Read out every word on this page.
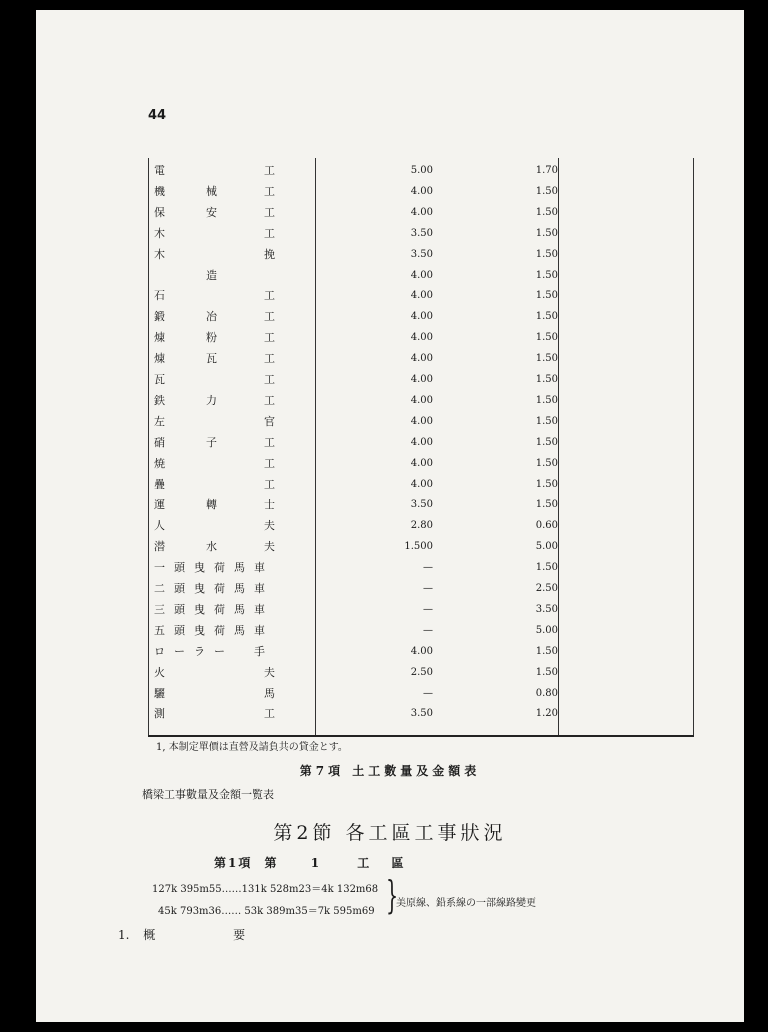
44
電	工	5.00	1.70
機	械	工	4.00	1.50
保	安	工	4.00	1.50
木	工	3.50	1.50
木	挽	3.50	1.50
造	4.00	1.50
石	工	4.00	1.50
鍛	冶	工	4.00	1.50
煉	粉	工	4.00	1.50
煉	瓦	工	4.00	1.50
瓦	工	4.00	1.50
鉄	力	工	4.00	1.50
左	官	4.00	1.50
硝	子	工	4.00	1.50
焼	工	4.00	1.50
疊	工	4.00	1.50
運	轉	士	3.50	1.50
人	夫	2.80	0.60
潜	水	夫	1.500	5.00
一 頭 曳 荷 馬 車	—	1.50
二 頭 曳 荷 馬 車	—	2.50
三 頭 曳 荷 馬 車	—	3.50
五 頭 曳 荷 馬 車	—	5.00
ロ ー ラ ー	手	4.00	1.50
火	夫	2.50	1.50
驪	馬	—	0.80
測	工	3.50	1.20
1, 本制定單價は直營及請負共の貸金とす。
第7項 土工數量及金額表
橋梁工事數量及金額一覧表
第2節 各工區工事狀況
第1項 第	1	工 區
127k 395m55……131k 528m23＝4k 132m68
45k 793m36…… 53k 389m35＝7k 595m69 }
美原線、鉛系線の一部線路變更
1. 概	要
